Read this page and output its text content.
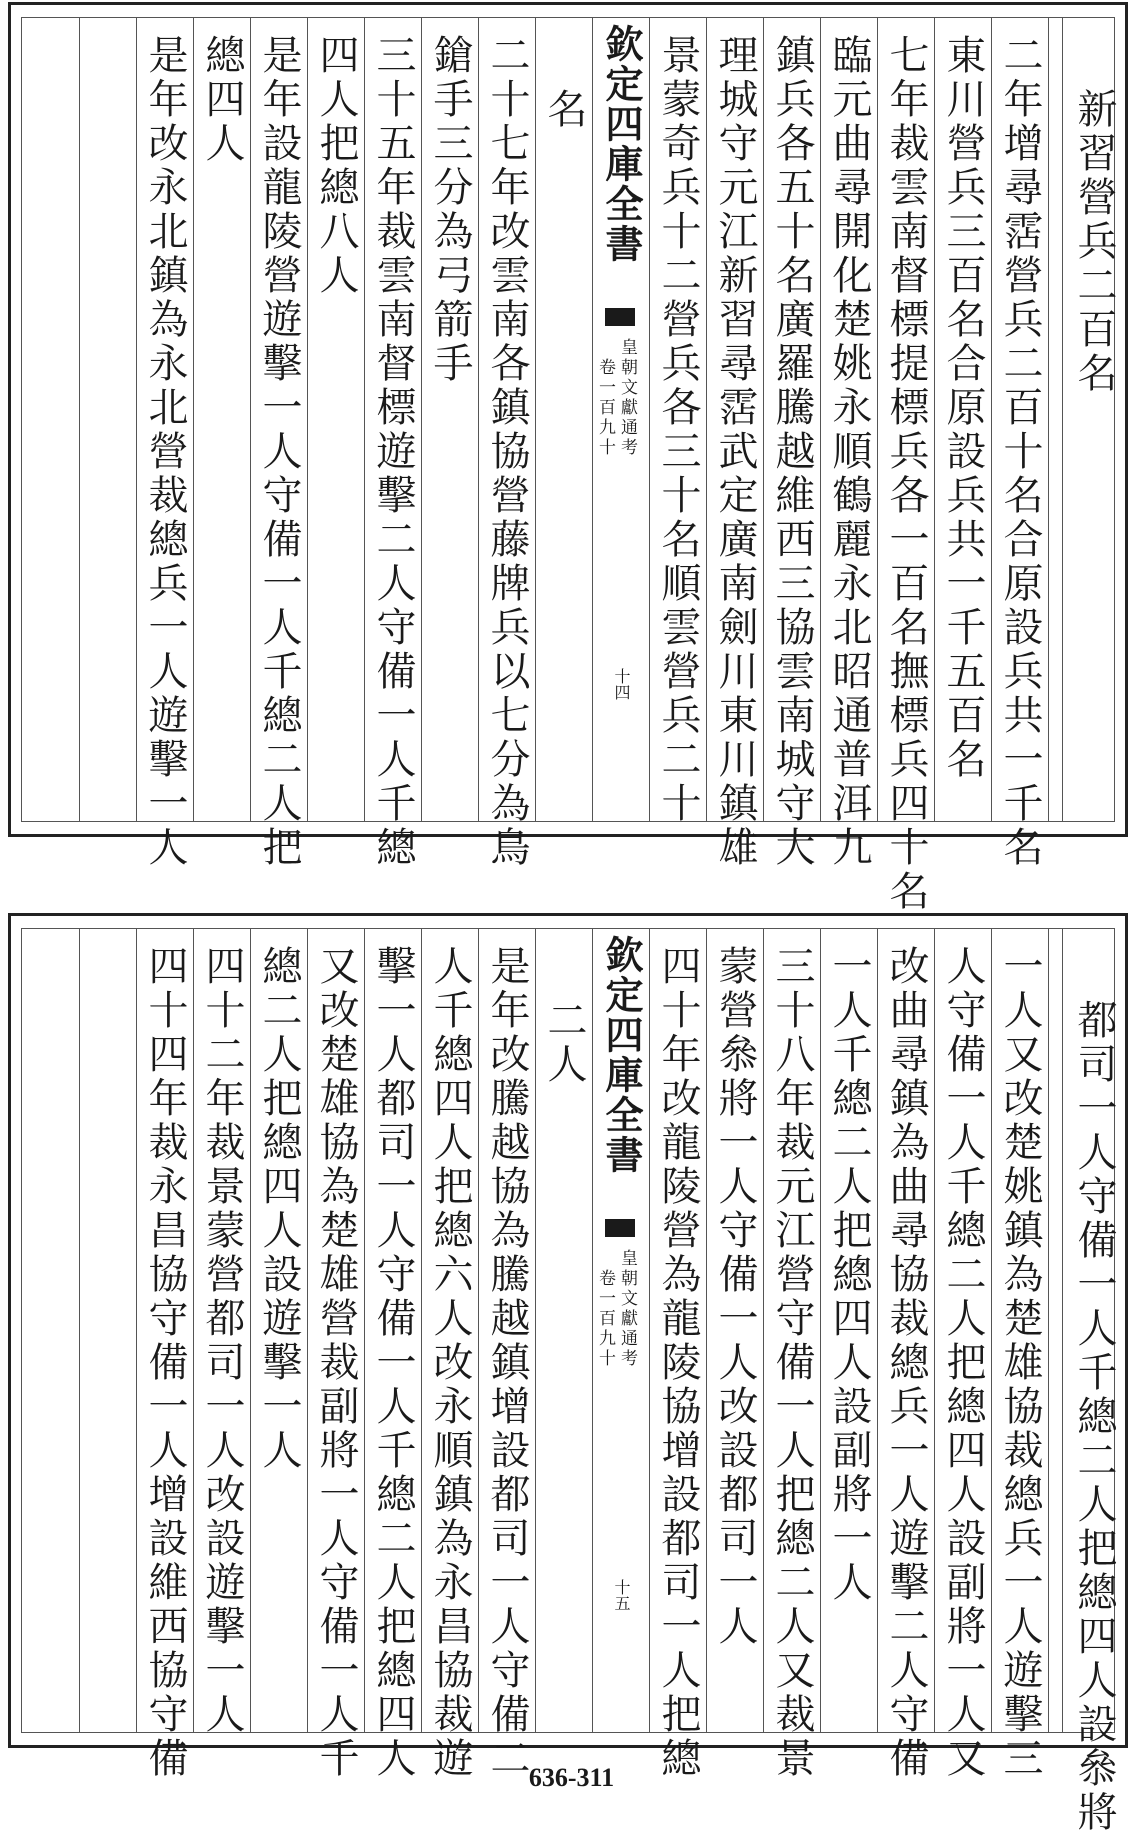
新習營兵二百名
二年增尋霑營兵二百十名合原設兵共一千名
東川營兵三百名合原設兵共一千五百名
七年裁雲南督標提標兵各一百名撫標兵四十名
臨元曲尋開化楚姚永順鶴麗永北昭通普洱九
鎮兵各五十名廣羅騰越維西三協雲南城守大
理城守元江新習尋霑武定廣南劍川東川鎮雄
景蒙奇兵十二營兵各三十名順雲營兵二十
欽定四庫全書
皇朝文獻通考
卷一百九十
十四
名
二十七年改雲南各鎮協營藤牌兵以七分為鳥
鎗手三分為弓箭手
三十五年裁雲南督標遊擊二人守備一人千總
四人把總八人
是年設龍陵營遊擊一人守備一人千總二人把
總四人
是年改永北鎮為永北營裁總兵一人遊擊一人
都司一人守備一人千總二人把總四人設叅將
一人又改楚姚鎮為楚雄協裁總兵一人遊擊三
人守備一人千總二人把總四人設副將一人又
改曲尋鎮為曲尋協裁總兵一人遊擊二人守備
一人千總二人把總四人設副將一人
三十八年裁元江營守備一人把總二人又裁景
蒙營叅將一人守備一人改設都司一人
四十年改龍陵營為龍陵協增設都司一人把總
欽定四庫全書
皇朝文獻通考
卷一百九十
十五
二人
是年改騰越協為騰越鎮增設都司一人守備二
人千總四人把總六人改永順鎮為永昌協裁遊
擊一人都司一人守備一人千總二人把總四人
又改楚雄協為楚雄營裁副將一人守備一人千
總二人把總四人設遊擊一人
四十二年裁景蒙營都司一人改設遊擊一人
四十四年裁永昌協守備一人增設維西協守備	636-311
